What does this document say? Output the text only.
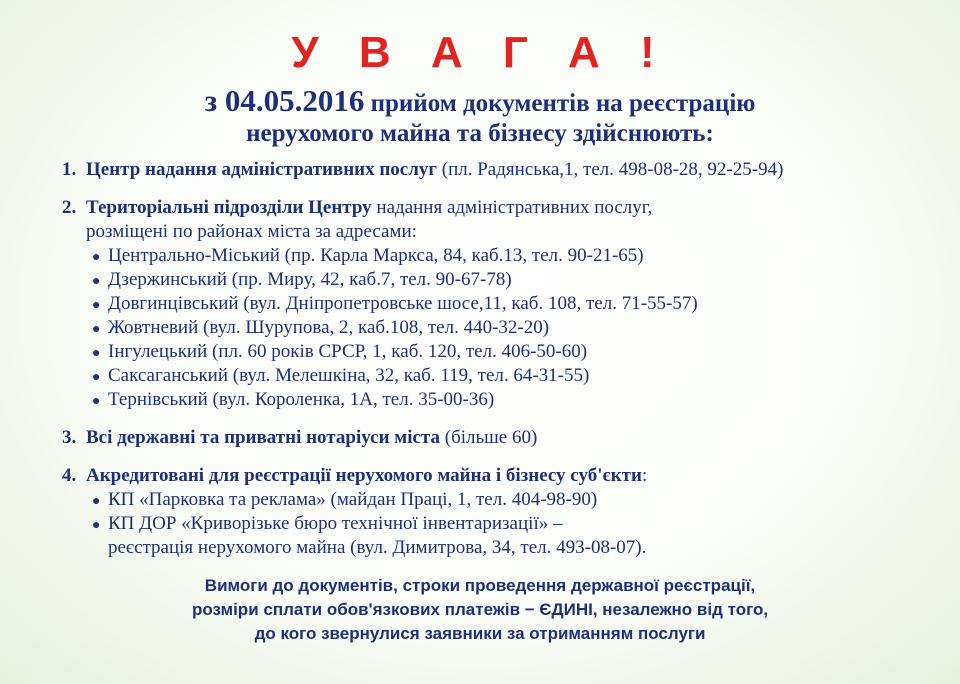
У В А Г А !
з 04.05.2016 прийом документів на реєстрацію
нерухомого майна та бізнесу здійснюють:
1. Центр надання адміністративних послуг (пл. Радянська,1, тел. 498-08-28, 92-25-94)
2. Територіальні підрозділи Центру надання адміністративних послуг,
розміщені по районах міста за адресами:
● Центрально-Міський (пр. Карла Маркса, 84, каб.13, тел. 90-21-65)
● Дзержинський (пр. Миру, 42, каб.7, тел. 90-67-78)
● Довгинцівський (вул. Дніпропетровське шосе,11, каб. 108, тел. 71-55-57)
● Жовтневий (вул. Шурупова, 2, каб.108, тел. 440-32-20)
● Інгулецький (пл. 60 років СРСР, 1, каб. 120, тел. 406-50-60)
● Саксаганський (вул. Мелешкіна, 32, каб. 119, тел. 64-31-55)
● Тернівський (вул. Короленка, 1А, тел. 35-00-36)
3. Всі державні та приватні нотаріуси міста (більше 60)
4. Акредитовані для реєстрації нерухомого майна і бізнесу суб'єкти:
● КП «Парковка та реклама» (майдан Праці, 1, тел. 404-98-90)
● КП ДОР «Криворізьке бюро технічної інвентаризації» –
реєстрація нерухомого майна (вул. Димитрова, 34, тел. 493-08-07).
Вимоги до документів, строки проведення державної реєстрації,
розміри сплати обов'язкових платежів − ЄДИНІ, незалежно від того,
до кого звернулися заявники за отриманням послуги
